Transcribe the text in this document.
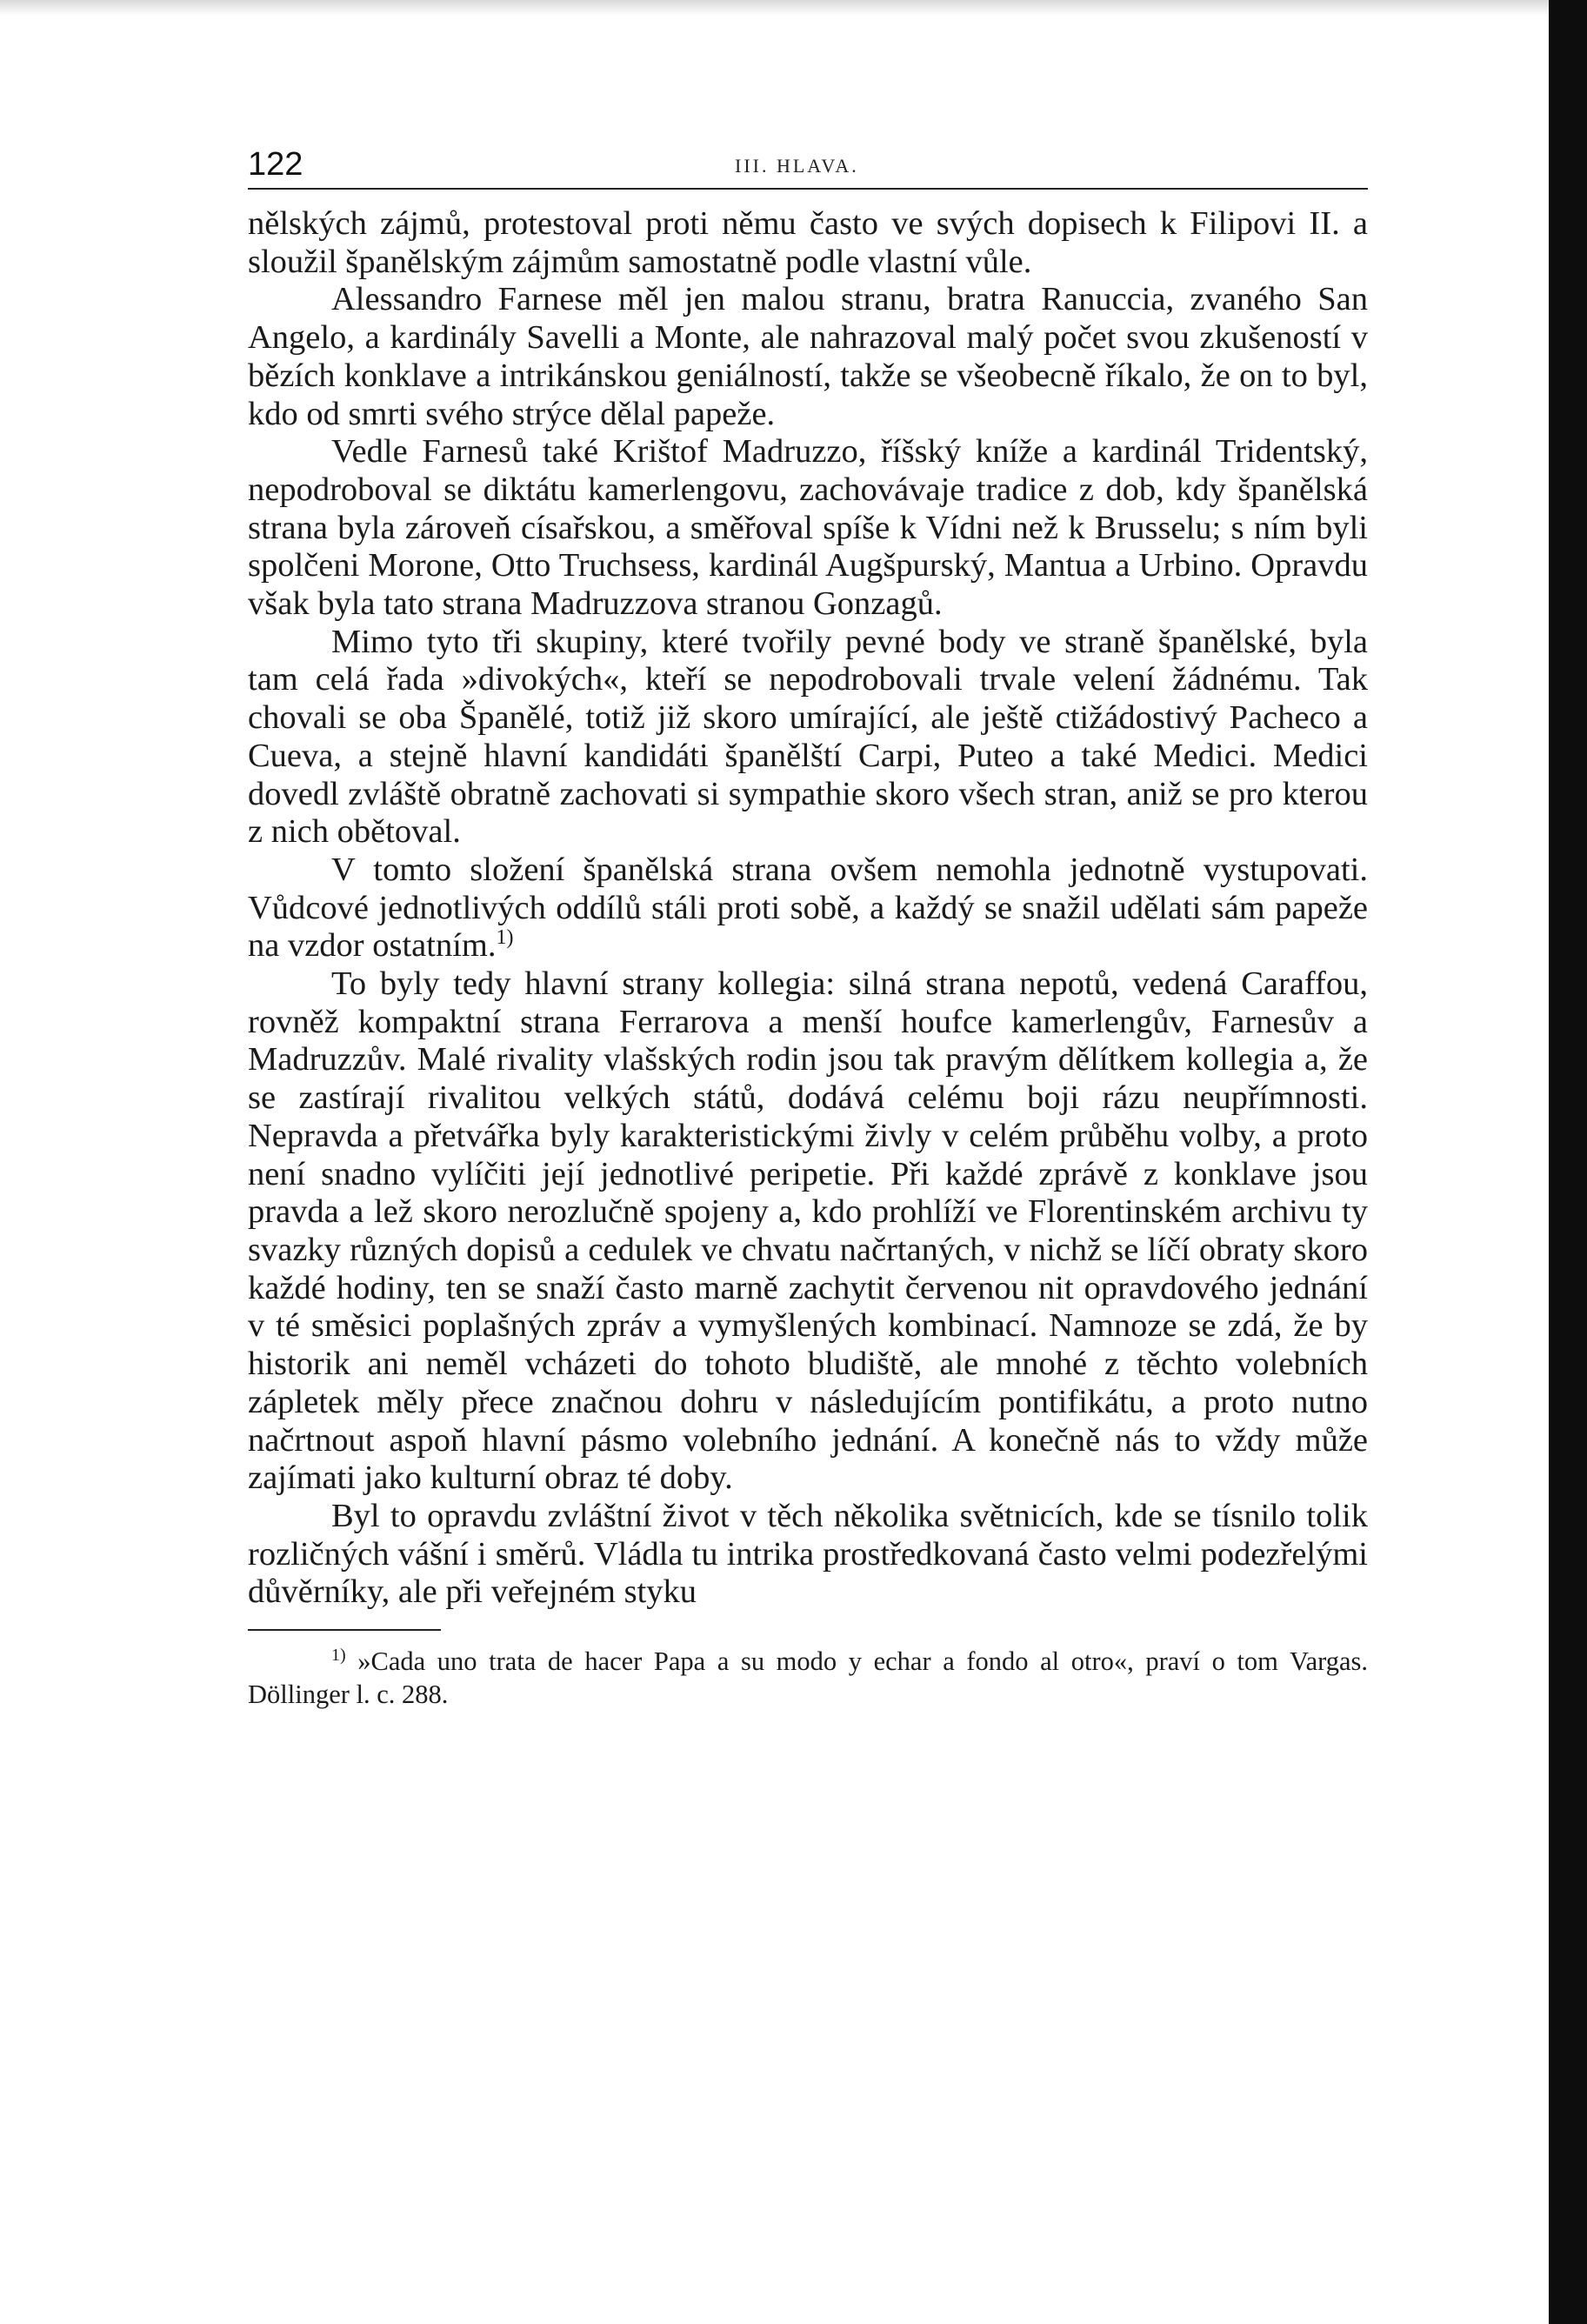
122	III. HLAVA.

nělských zájmů, protestoval proti němu často ve svých dopisech k Filipovi II. a sloužil španělským zájmům samostatně podle vlastní vůle.

Alessandro Farnese měl jen malou stranu, bratra Ranuccia, zvaného San Angelo, a kardinály Savelli a Monte, ale nahrazoval malý počet svou zkušeností v bězích konklave a intrikánskou geniálností, takže se všeobecně říkalo, že on to byl, kdo od smrti svého strýce dělal papeže.

Vedle Farnesů také Krištof Madruzzo, říšský kníže a kardinál Tridentský, nepodroboval se diktátu kamerlengovu, zachovávaje tradice z dob, kdy španělská strana byla zároveň císařskou, a směřoval spíše k Vídni než k Brusselu; s ním byli spolčeni Morone, Otto Truchsess, kardinál Augšpurský, Mantua a Urbino. Opravdu však byla tato strana Madruzzova stranou Gonzagů.

Mimo tyto tři skupiny, které tvořily pevné body ve straně španělské, byla tam celá řada »divokých«, kteří se nepodrobovali trvale velení žádnému. Tak chovali se oba Španělé, totiž již skoro umírající, ale ještě ctižádostivý Pacheco a Cueva, a stejně hlavní kandidáti španělští Carpi, Puteo a také Medici. Medici dovedl zvláště obratně zachovati si sympathie skoro všech stran, aniž se pro kterou z nich obětoval.

V tomto složení španělská strana ovšem nemohla jednotně vystupovati. Vůdcové jednotlivých oddílů stáli proti sobě, a každý se snažil udělati sám papeže na vzdor ostatním.$^{1)}$

To byly tedy hlavní strany kollegia: silná strana nepotů, vedená Caraffou, rovněž kompaktní strana Ferrarova a menší houfce kamerlengův, Farnesův a Madruzzův. Malé rivality vlašských rodin jsou tak pravým dělítkem kollegia a, že se zastírají rivalitou velkých států, dodává celému boji rázu neupřímnosti. Nepravda a přetvářka byly karakteristickými živly v celém průběhu volby, a proto není snadno vylíčiti její jednotlivé peripetie. Při každé zprávě z konklave jsou pravda a lež skoro nerozlučně spojeny a, kdo prohlíží ve Florentinském archivu ty svazky různých dopisů a cedulek ve chvatu načrtaných, v nichž se líčí obraty skoro každé hodiny, ten se snaží často marně zachytit červenou nit opravdového jednání v té směsici poplašných zpráv a vymyšlených kombinací. Namnoze se zdá, že by historik ani neměl vcházeti do tohoto bludiště, ale mnohé z těchto volebních zápletek měly přece značnou dohru v následujícím pontifikátu, a proto nutno načrtnout aspoň hlavní pásmo volebního jednání. A konečně nás to vždy může zajímati jako kulturní obraz té doby.

Byl to opravdu zvláštní život v těch několika světnicích, kde se tísnilo tolik rozličných vášní i směrů. Vládla tu intrika prostředkovaná často velmi podezřelými důvěrníky, ale při veřejném styku

$^{1)}$ »Cada uno trata de hacer Papa a su modo y echar a fondo al otro«, praví o tom Vargas. Döllinger l. c. 288.
